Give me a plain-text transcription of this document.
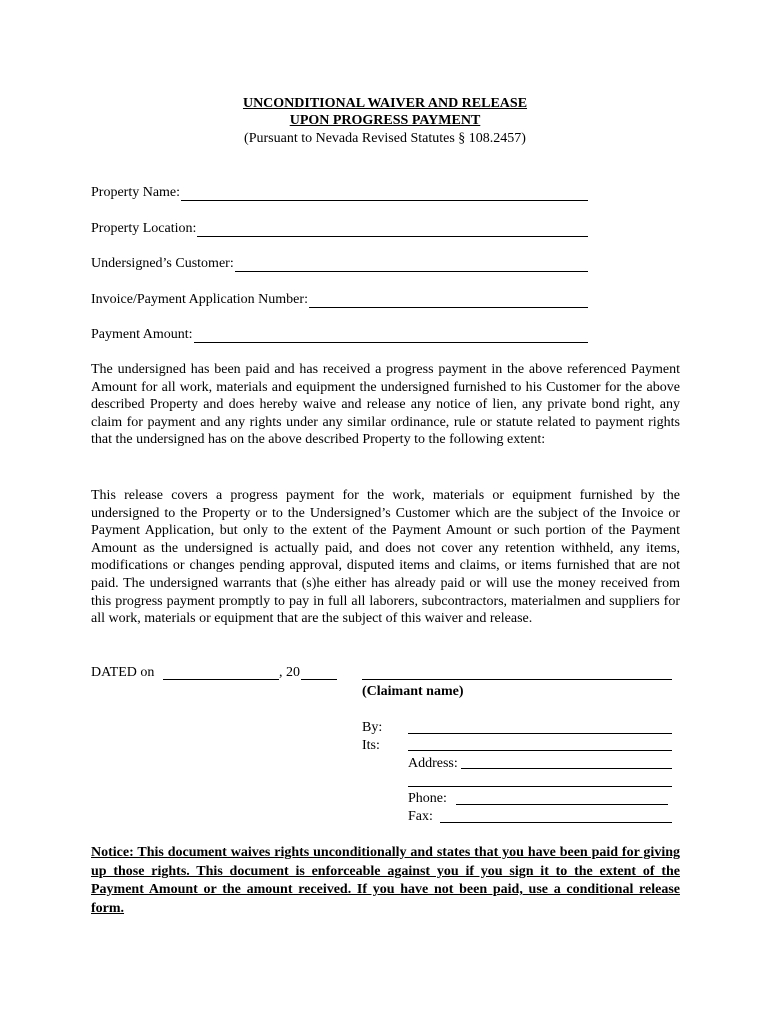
UNCONDITIONAL WAIVER AND RELEASE
UPON PROGRESS PAYMENT
(Pursuant to Nevada Revised Statutes § 108.2457)
Property Name:
Property Location:
Undersigned’s Customer:
Invoice/Payment Application Number:
Payment Amount:

The undersigned has been paid and has received a progress payment in the above referenced Payment Amount for all work, materials and equipment the undersigned furnished to his Customer for the above described Property and does hereby waive and release any notice of lien, any private bond right, any claim for payment and any rights under any similar ordinance, rule or statute related to payment rights that the undersigned has on the above described Property to the following extent:

This release covers a progress payment for the work, materials or equipment furnished by the undersigned to the Property or to the Undersigned’s Customer which are the subject of the Invoice or Payment Application, but only to the extent of the Payment Amount or such portion of the Payment Amount as the undersigned is actually paid, and does not cover any retention withheld, any items, modifications or changes pending approval, disputed items and claims, or items furnished that are not paid. The undersigned warrants that (s)he either has already paid or will use the money received from this progress payment promptly to pay in full all laborers, subcontractors, materialmen and suppliers for all work, materials or equipment that are the subject of this waiver and release.

DATED on	, 20
(Claimant name)
By:
Its:
Address:
Phone:
Fax:

Notice: This document waives rights unconditionally and states that you have been paid for giving up those rights. This document is enforceable against you if you sign it to the extent of the Payment Amount or the amount received. If you have not been paid, use a conditional release form.
